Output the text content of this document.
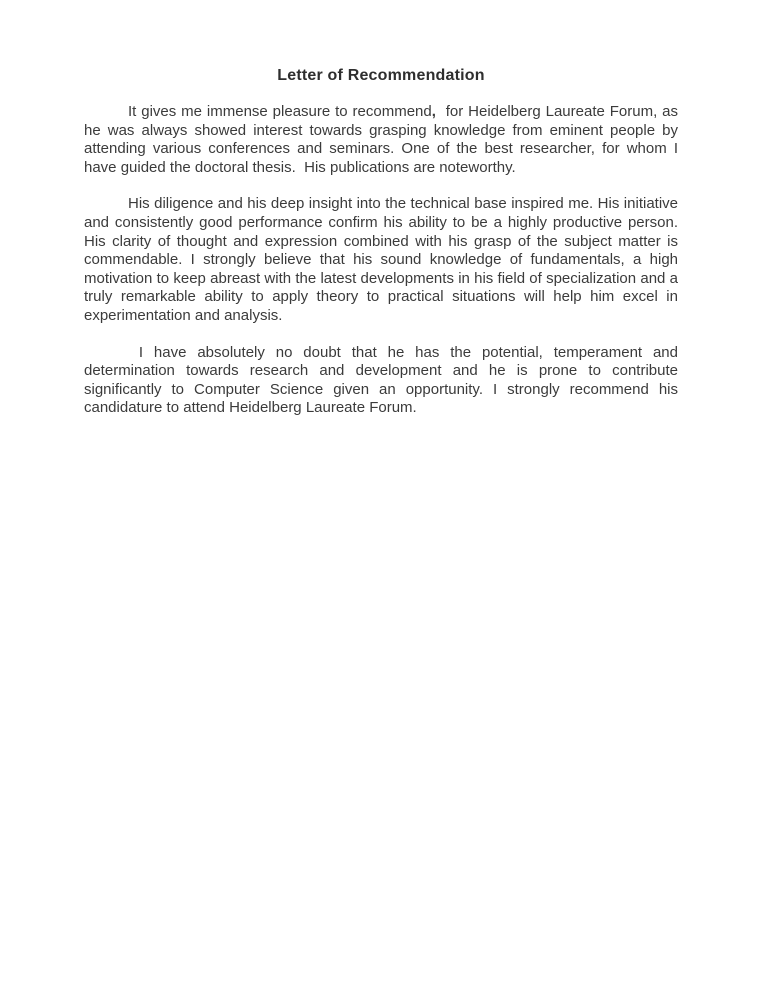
Letter of Recommendation

It gives me immense pleasure to recommend,  for Heidelberg Laureate Forum, as he was always showed interest towards grasping knowledge from eminent people by attending various conferences and seminars. One of the best researcher, for whom I have guided the doctoral thesis.  His publications are noteworthy.

His diligence and his deep insight into the technical base inspired me. His initiative and consistently good performance confirm his ability to be a highly productive person. His clarity of thought and expression combined with his grasp of the subject matter is commendable. I strongly believe that his sound knowledge of fundamentals, a high motivation to keep abreast with the latest developments in his field of specialization and a truly remarkable ability to apply theory to practical situations will help him excel in experimentation and analysis.

I have absolutely no doubt that he has the potential, temperament and determination towards research and development and he is prone to contribute significantly to Computer Science given an opportunity. I strongly recommend his candidature to attend Heidelberg Laureate Forum.
